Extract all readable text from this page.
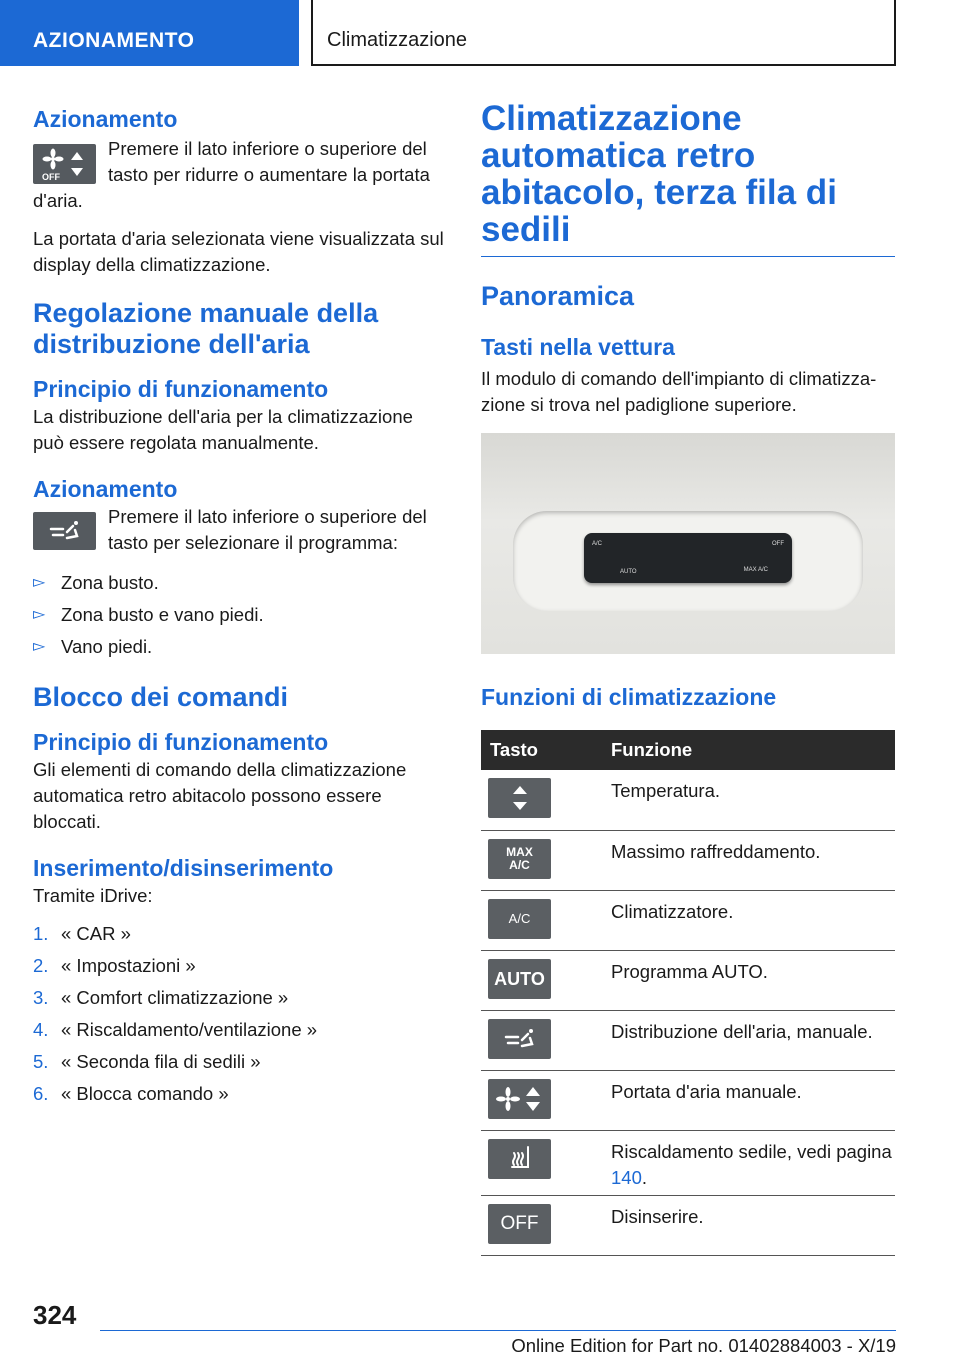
AZIONAMENTO	Climatizzazione
Azionamento
OFF

Premere il lato inferiore o superiore del tasto per ridurre o aumentare la portata d'aria.

La portata d'aria selezionata viene visualizzata sul display della climatizzazione.

Regolazione manuale della distribuzione dell'aria
Principio di funzionamento

La distribuzione dell'aria per la climatizzazione può essere regolata manualmente.

Azionamento

Premere il lato inferiore o superiore del tasto per selezionare il programma:

▻ Zona busto.
▻ Zona busto e vano piedi.
▻ Vano piedi.
Blocco dei comandi
Principio di funzionamento

Gli elementi di comando della climatizzazione automatica retro abitacolo possono essere bloccati.

Inserimento/disinserimento

Tramite iDrive:

1. « CAR »
2. « Impostazioni »
3. « Comfort climatizzazione »
4. « Riscaldamento/ventilazione »
5. « Seconda fila di sedili »
6. « Blocca comando »
Climatizzazione automatica retro abitacolo, terza fila di sedili
Panoramica
Tasti nella vettura

Il modulo di comando dell'impianto di climatizzazione si trova nel padiglione superiore.

A/C	OFF
AUTO	MAX A/C
Funzioni di climatizzazione
Tasto	Funzione

	Temperatura.

MAX
A/C	Massimo raffreddamento.

A/C	Climatizzatore.

AUTO	Programma AUTO.

	Distribuzione dell'aria, manuale.

	Portata d'aria manuale.

	Riscaldamento sedile, vedi pagina 140.

OFF	Disinserire.
324
Online Edition for Part no. 01402884003 - X/19
